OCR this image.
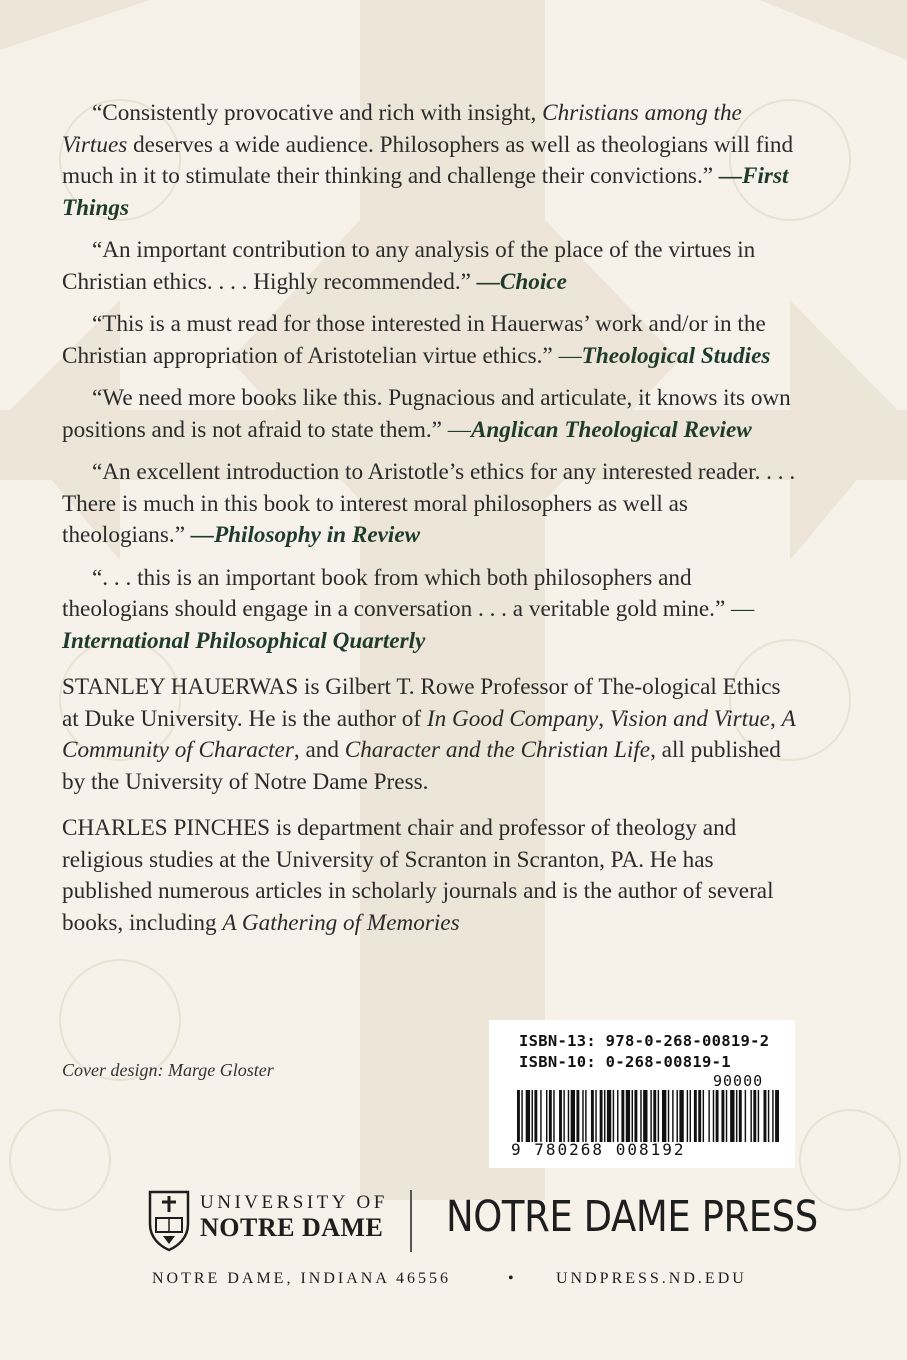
“Consistently provocative and rich with insight, Christians among the Virtues deserves a wide audience. Philosophers as well as theologians will find much in it to stimulate their thinking and challenge their convictions.” —First Things

“An important contribution to any analysis of the place of the virtues in Christian ethics. . . . Highly recommended.” —Choice

“This is a must read for those interested in Hauerwas’ work and/or in the Christian appropriation of Aristotelian virtue ethics.” —Theological Studies

“We need more books like this. Pugnacious and articulate, it knows its own positions and is not afraid to state them.” —Anglican Theological Review

“An excellent introduction to Aristotle’s ethics for any interested reader. . . . There is much in this book to interest moral philosophers as well as theologians.” —Philosophy in Review

“. . . this is an important book from which both philosophers and theologians should engage in a conversation . . . a veritable gold mine.” —International Philosophical Quarterly

STANLEY HAUERWAS is Gilbert T. Rowe Professor of The-ological Ethics at Duke University. He is the author of In Good Company, Vision and Virtue, A Community of Character, and Character and the Christian Life, all published by the University of Notre Dame Press.

CHARLES PINCHES is department chair and professor of theology and religious studies at the University of Scranton in Scranton, PA. He has published numerous articles in scholarly journals and is the author of several books, including A Gathering of Memories

Cover design: Marge Gloster
ISBN-13: 978-0-268-00819-2
ISBN-10: 0-268-00819-1
90000
9 780268 008192
UNIVERSITY OF
NOTRE DAME NOTRE DAME PRESS
NOTRE DAME, INDIANA 46556	• UNDPRESS.ND.EDU
